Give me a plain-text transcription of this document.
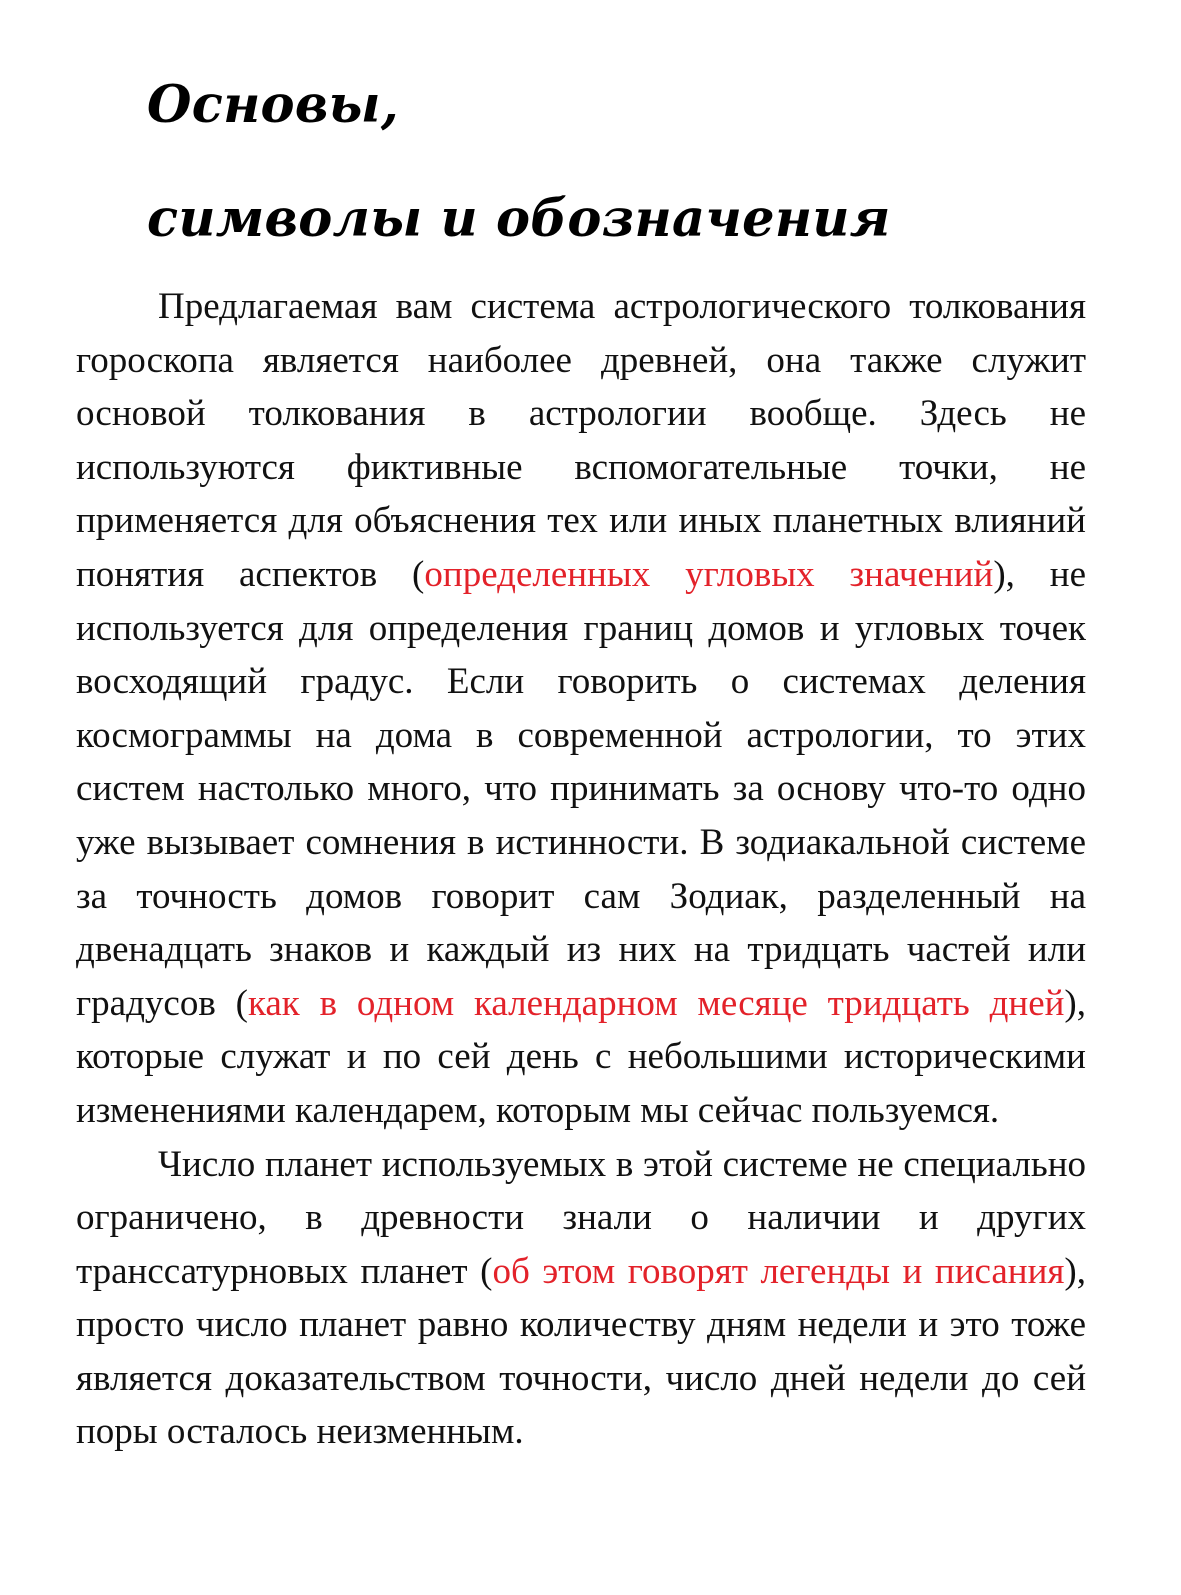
Основы,
символы и обозначения

Предлагаемая вам система астрологического толкования гороскопа является наиболее древней, она также служит основой толкования в астрологии вообще. Здесь не используются фиктивные вспомогательные точки, не применяется для объяснения тех или иных планетных влияний понятия аспектов (определенных угловых значений), не используется для определения границ домов и угловых точек восходящий градус. Если говорить о системах деления космограммы на дома в современной астрологии, то этих систем настолько много, что принимать за основу что-то одно уже вызывает сомнения в истинности. В зодиакальной системе за точность домов говорит сам Зодиак, разделенный на двенадцать знаков и каждый из них на тридцать частей или градусов (как в одном календарном месяце тридцать дней), которые служат и по сей день с небольшими историческими изменениями календарем, которым мы сейчас пользуемся.

Число планет используемых в этой системе не специально ограничено, в древности знали о наличии и других транссатурновых планет (об этом говорят легенды и писания), просто число планет равно количеству дням недели и это тоже является доказательством точности, число дней недели до сей поры осталось неизменным.
